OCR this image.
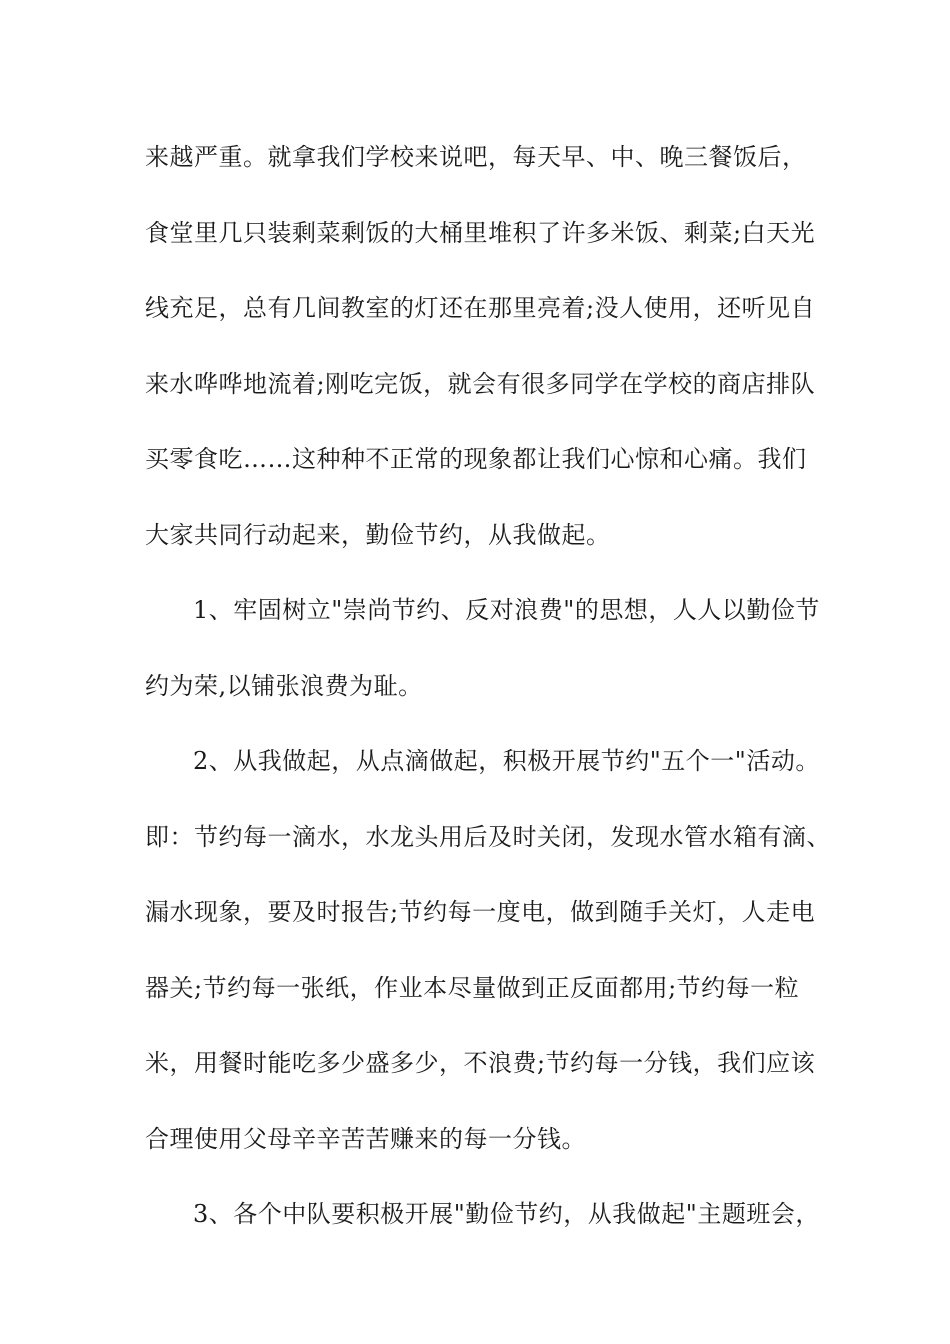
来越严重。就拿我们学校来说吧，每天早、中、晚三餐饭后，
食堂里几只装剩菜剩饭的大桶里堆积了许多米饭、剩菜;白天光
线充足，总有几间教室的灯还在那里亮着;没人使用，还听见自
来水哗哗地流着;刚吃完饭，就会有很多同学在学校的商店排队
买零食吃……这种种不正常的现象都让我们心惊和心痛。我们
大家共同行动起来，勤俭节约，从我做起。
1、牢固树立"崇尚节约、反对浪费"的思想，人人以勤俭节
约为荣,以铺张浪费为耻。
2、从我做起，从点滴做起，积极开展节约"五个一"活动。
即：节约每一滴水，水龙头用后及时关闭，发现水管水箱有滴、
漏水现象，要及时报告;节约每一度电，做到随手关灯，人走电
器关;节约每一张纸，作业本尽量做到正反面都用;节约每一粒
米，用餐时能吃多少盛多少，不浪费;节约每一分钱，我们应该
合理使用父母辛辛苦苦赚来的每一分钱。
3、各个中队要积极开展"勤俭节约，从我做起"主题班会，
